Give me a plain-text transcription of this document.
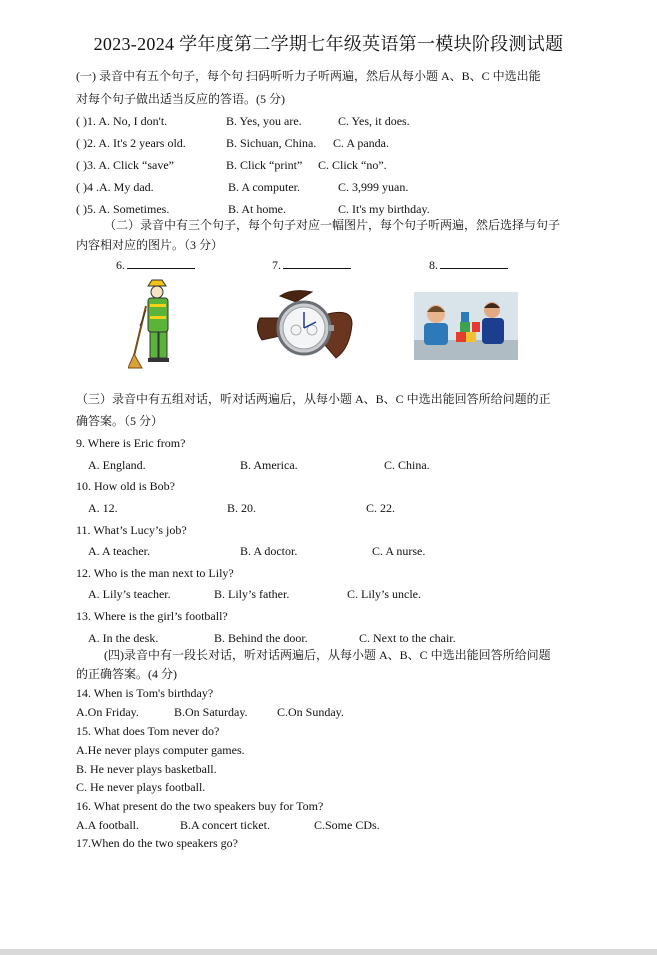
2023-2024 学年度第二学期七年级英语第一模块阶段测试题
(一) 录音中有五个句子，每个句 扫码听听力子听两遍，然后从每小题 A、B、C 中选出能
对每个句子做出适当反应的答语。(5 分)
( )1. A. No, I don't.	B. Yes, you are.	C. Yes, it does.
( )2. A. It's 2 years old.	B. Sichuan, China. C. A panda.
( )3. A. Click “save”	B. Click “print” C. Click “no”.
( )4 .A. My dad.	B. A computer.	C. 3,999 yuan.
( )5. A. Sometimes.	B. At home.	C. It's my birthday.
（二）录音中有三个句子，每个句子对应一幅图片，每个句子听两遍，然后选择与句子
内容相对应的图片。（3 分）
6.	7.	8.
（三）录音中有五组对话，听对话两遍后，从每小题 A、B、C 中选出能回答所给问题的正
确答案。（5 分）
9. Where is Eric from?
A. England.	B. America.	C. China.
10. How old is Bob?
A. 12.	B. 20.	C. 22.
11. What’s Lucy’s job?
A. A teacher.	B. A doctor.	C. A nurse.
12. Who is the man next to Lily?
A. Lily’s teacher.	B. Lily’s father.	C. Lily’s uncle.
13. Where is the girl’s football?
A. In the desk.	B. Behind the door.	C. Next to the chair.
(四)录音中有一段长对话，听对话两遍后，从每小题 A、B、C 中选出能回答所给问题
的正确答案。(4 分)
14. When is Tom's birthday?
A.On Friday.	B.On Saturday. C.On Sunday.
15. What does Tom never do?
A.He never plays computer games.
B. He never plays basketball.
C. He never plays football.
16. What present do the two speakers buy for Tom?
A.A football.	B.A concert ticket.	C.Some CDs.
17.When do the two speakers go?
